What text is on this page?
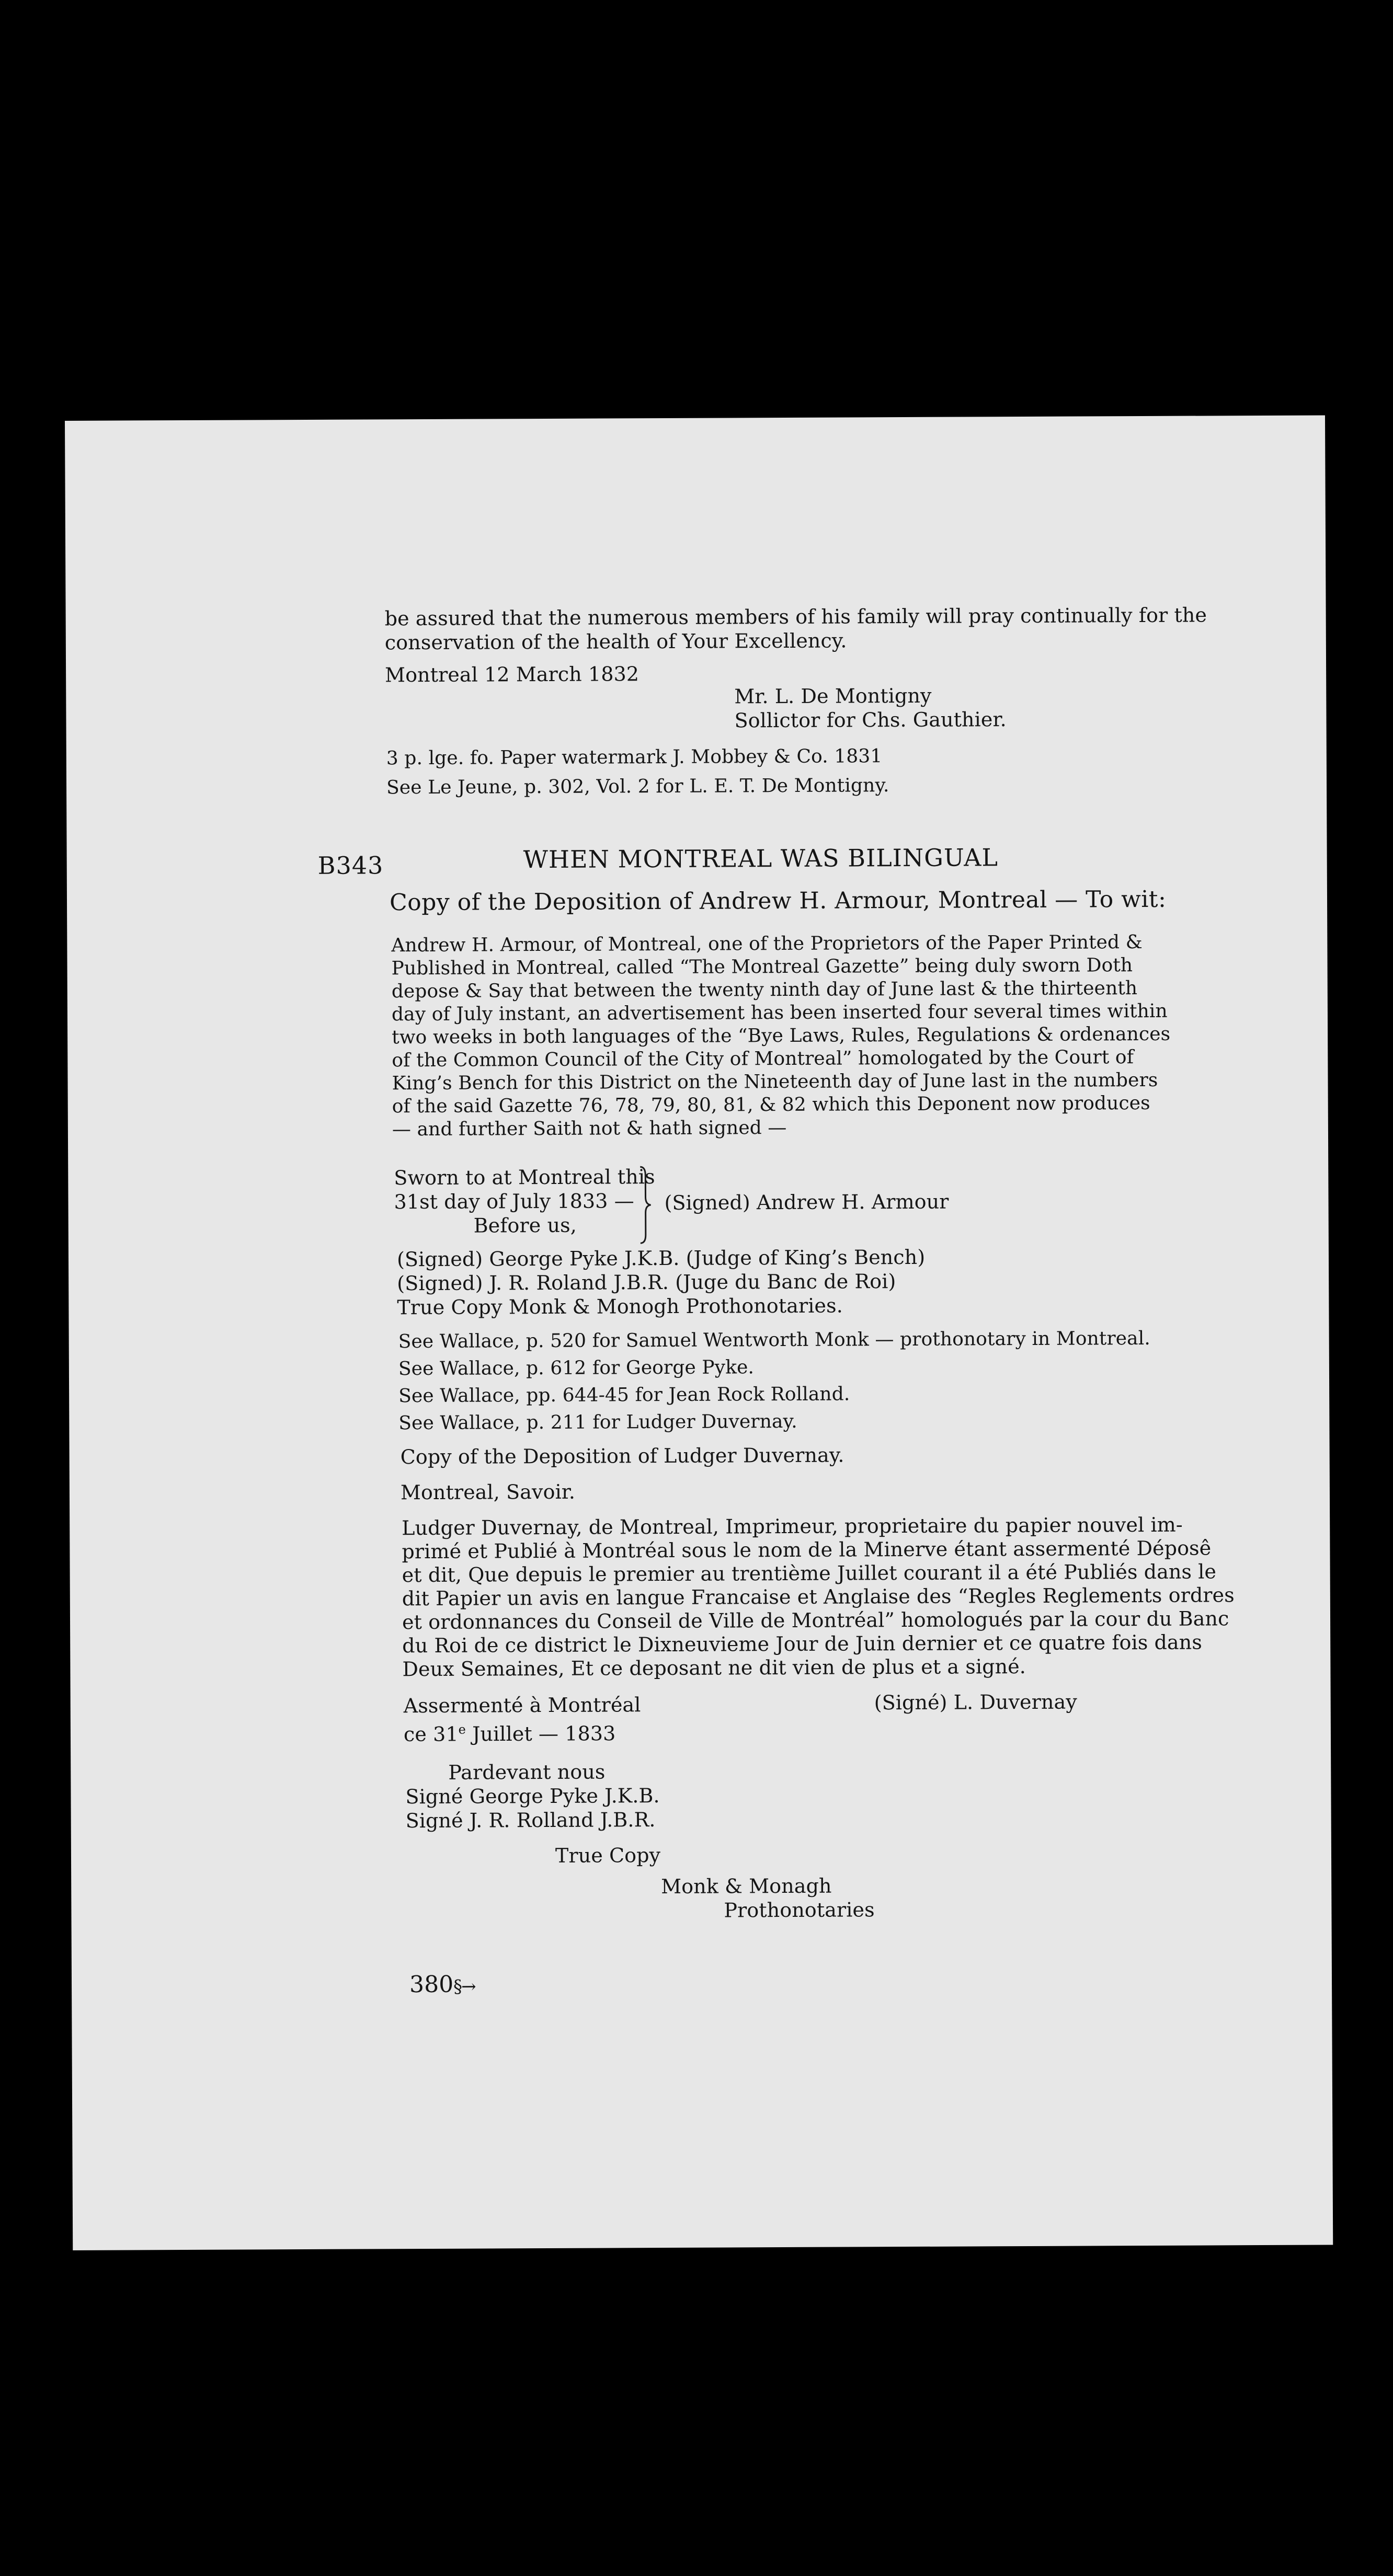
be assured that the numerous members of his family will pray continually for the
conservation of the health of Your Excellency.
Montreal 12 March 1832
Mr. L. De Montigny
Sollictor for Chs. Gauthier.
3 p. lge. fo. Paper watermark J. Mobbey & Co. 1831
See Le Jeune, p. 302, Vol. 2 for L. E. T. De Montigny.
B343	WHEN MONTREAL WAS BILINGUAL
Copy of the Deposition of Andrew H. Armour, Montreal — To wit:
Andrew H. Armour, of Montreal, one of the Proprietors of the Paper Printed &
Published in Montreal, called “The Montreal Gazette” being duly sworn Doth
depose & Say that between the twenty ninth day of June last & the thirteenth
day of July instant, an advertisement has been inserted four several times within
two weeks in both languages of the “Bye Laws, Rules, Regulations & ordenances
of the Common Council of the City of Montreal” homologated by the Court of
King’s Bench for this District on the Nineteenth day of June last in the numbers
of the said Gazette 76, 78, 79, 80, 81, & 82 which this Deponent now produces
— and further Saith not & hath signed —
Sworn to at Montreal this
31st day of July 1833 —
Before us,
(Signed) Andrew H. Armour
(Signed) George Pyke J.K.B. (Judge of King’s Bench)
(Signed) J. R. Roland J.B.R. (Juge du Banc de Roi)
True Copy Monk & Monogh Prothonotaries.
See Wallace, p. 520 for Samuel Wentworth Monk — prothonotary in Montreal.
See Wallace, p. 612 for George Pyke.
See Wallace, pp. 644-45 for Jean Rock Rolland.
See Wallace, p. 211 for Ludger Duvernay.
Copy of the Deposition of Ludger Duvernay.
Montreal, Savoir.
Ludger Duvernay, de Montreal, Imprimeur, proprietaire du papier nouvel im-
primé et Publié à Montréal sous le nom de la Minerve étant assermenté Déposê
et dit, Que depuis le premier au trentième Juillet courant il a été Publiés dans le
dit Papier un avis en langue Francaise et Anglaise des “Regles Reglements ordres
et ordonnances du Conseil de Ville de Montréal” homologués par la cour du Banc
du Roi de ce district le Dixneuvieme Jour de Juin dernier et ce quatre fois dans
Deux Semaines, Et ce deposant ne dit vien de plus et a signé.
Assermenté à Montréal
ce 31e Juillet — 1833
(Signé) L. Duvernay
Pardevant nous
Signé George Pyke J.K.B.
Signé J. R. Rolland J.B.R.
True Copy
Monk & Monagh
Prothonotaries
380 §→
